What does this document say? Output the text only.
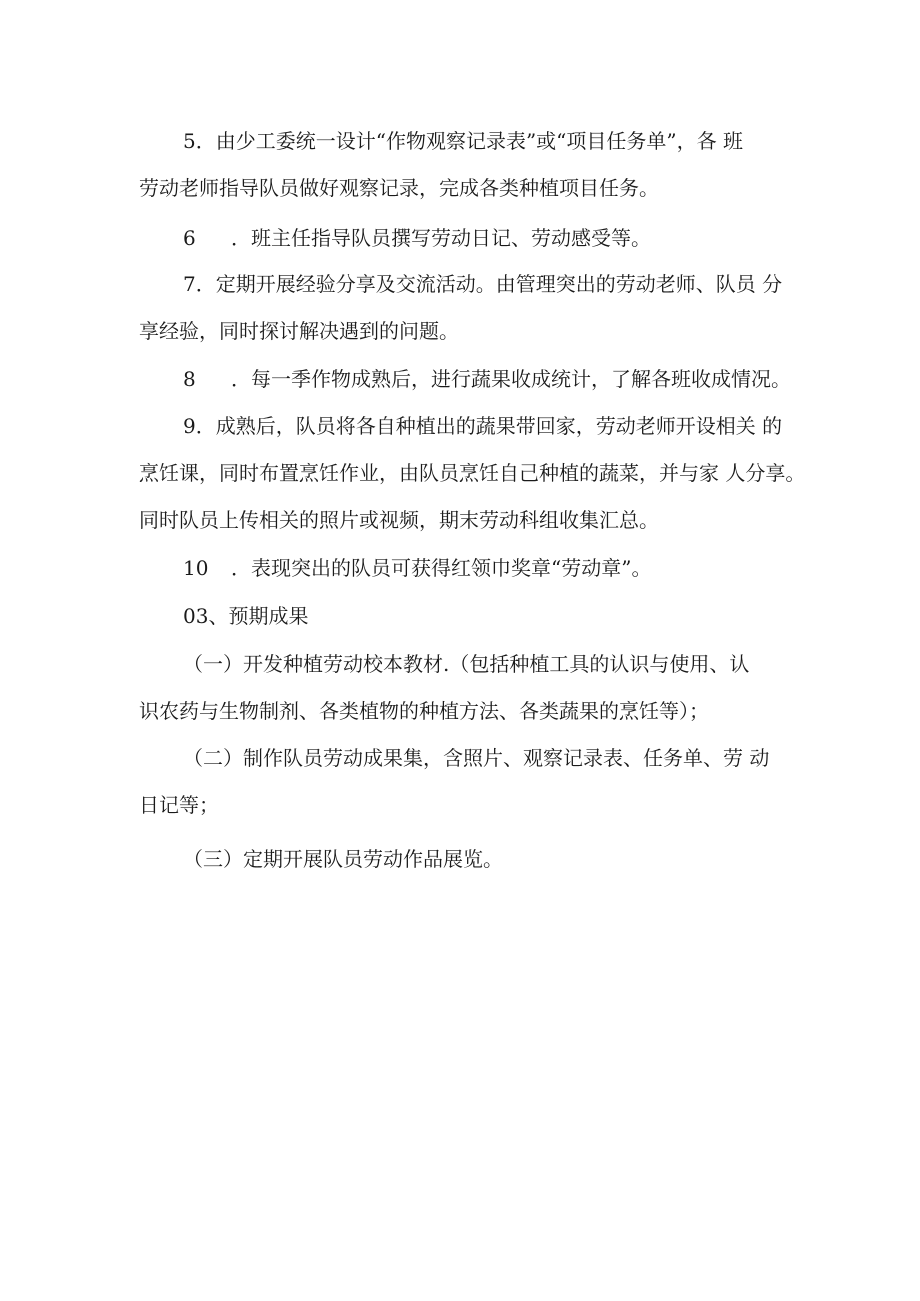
5．由少工委统一设计“作物观察记录表”或“项目任务单”，各 班
劳动老师指导队员做好观察记录，完成各类种植项目任务。
6 ．班主任指导队员撰写劳动日记、劳动感受等。
7．定期开展经验分享及交流活动。由管理突出的劳动老师、队员 分
享经验，同时探讨解决遇到的问题。
8 ．每一季作物成熟后，进行蔬果收成统计，了解各班收成情况。
9．成熟后，队员将各自种植出的蔬果带回家，劳动老师开设相关 的
烹饪课，同时布置烹饪作业，由队员烹饪自己种植的蔬菜，并与家 人分享。
同时队员上传相关的照片或视频，期末劳动科组收集汇总。
10 ．表现突出的队员可获得红领巾奖章“劳动章”。
03、预期成果
（一）开发种植劳动校本教材.（包括种植工具的认识与使用、认
识农药与生物制剂、各类植物的种植方法、各类蔬果的烹饪等）；
（二）制作队员劳动成果集，含照片、观察记录表、任务单、劳 动
日记等；
（三）定期开展队员劳动作品展览。
